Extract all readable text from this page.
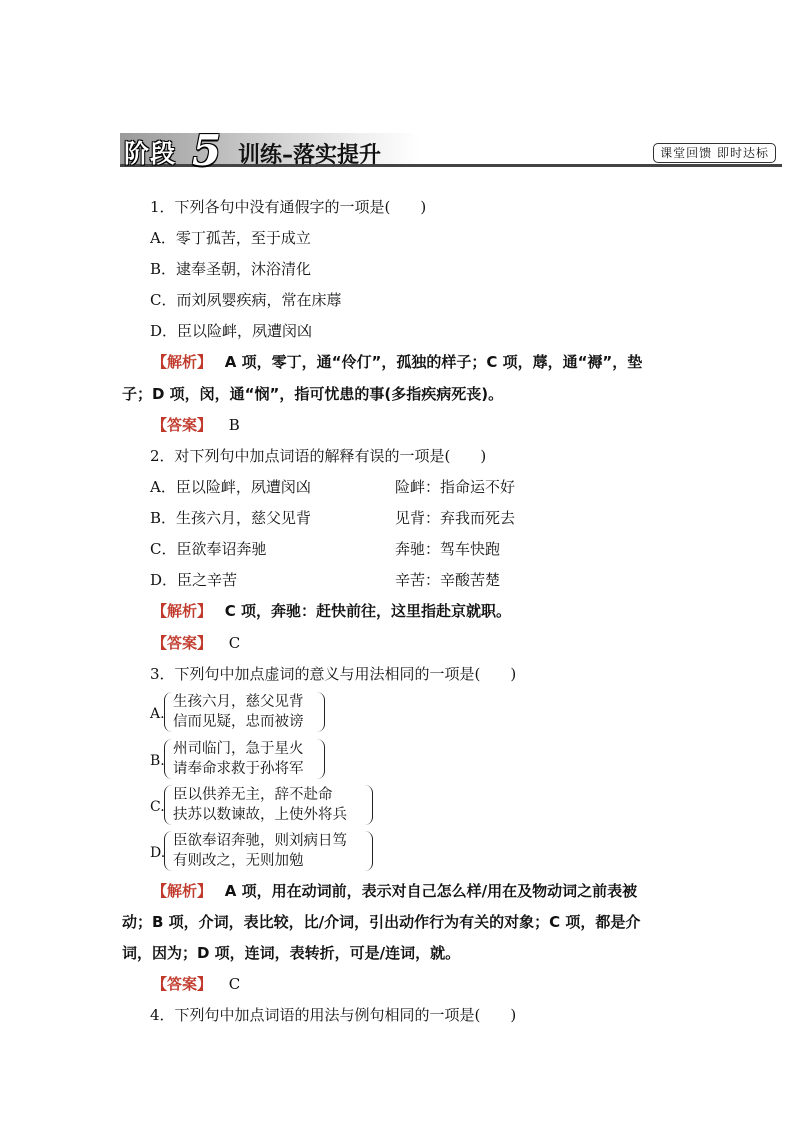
阶段 5 训练–落实提升	课堂回馈 即时达标
1．下列各句中没有通假字的一项是(　　)
A．零丁孤苦，至于成立
B．逮奉圣朝，沐浴清化
C．而刘夙婴疾病，常在床蓐
D．臣以险衅，夙遭闵凶
【解析】 A 项，零丁，通“伶仃”，孤独的样子；C 项，蓐，通“褥”，垫
子；D 项，闵，通“悯”，指可忧患的事(多指疾病死丧)。
【答案】 B
2．对下列句中加点词语的解释有误的一项是(　　)
A．臣以险衅，夙遭闵凶	险衅：指命运不好
B．生孩六月，慈父见背	见背：弃我而死去
C．臣欲奉诏奔驰	奔驰：驾车快跑
D．臣之辛苦	辛苦：辛酸苦楚
【解析】 C 项，奔驰：赶快前往，这里指赴京就职。
【答案】 C
3．下列句中加点虚词的意义与用法相同的一项是(　　)
A.
生孩六月，慈父见背
信而见疑，忠而被谤
B.
州司临门，急于星火
请奉命求救于孙将军
C.
臣以供养无主，辞不赴命
扶苏以数谏故，上使外将兵
D.
臣欲奉诏奔驰，则刘病日笃
有则改之，无则加勉
【解析】 A 项，用在动词前，表示对自己怎么样/用在及物动词之前表被
动；B 项，介词，表比较，比/介词，引出动作行为有关的对象；C 项，都是介
词，因为；D 项，连词，表转折，可是/连词，就。
【答案】 C
4．下列句中加点词语的用法与例句相同的一项是(　　)
